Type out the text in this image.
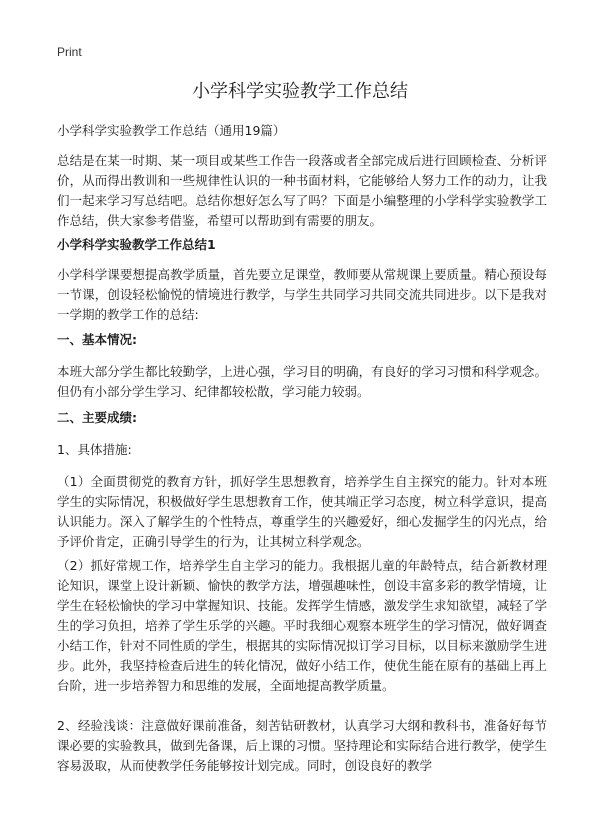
Print
小学科学实验教学工作总结

小学科学实验教学工作总结（通用19篇）

总结是在某一时期、某一项目或某些工作告一段落或者全部完成后进行回顾检查、分析评价，从而得出教训和一些规律性认识的一种书面材料，它能够给人努力工作的动力，让我们一起来学习写总结吧。总结你想好怎么写了吗？下面是小编整理的小学科学实验教学工作总结，供大家参考借鉴，希望可以帮助到有需要的朋友。

小学科学实验教学工作总结1

小学科学课要想提高教学质量，首先要立足课堂，教师要从常规课上要质量。精心预设每一节课，创设轻松愉悦的情境进行教学，与学生共同学习共同交流共同进步。以下是我对一学期的教学工作的总结:

一、基本情况:

本班大部分学生都比较勤学，上进心强，学习目的明确，有良好的学习习惯和科学观念。但仍有小部分学生学习、纪律都较松散，学习能力较弱。

二、主要成绩:

1、具体措施:

（1）全面贯彻党的教育方针，抓好学生思想教育，培养学生自主探究的能力。针对本班学生的实际情况，积极做好学生思想教育工作，使其端正学习态度，树立科学意识，提高认识能力。深入了解学生的个性特点，尊重学生的兴趣爱好，细心发掘学生的闪光点，给予评价肯定，正确引导学生的行为，让其树立科学观念。

（2）抓好常规工作，培养学生自主学习的能力。我根据儿童的年龄特点，结合新教材理论知识，课堂上设计新颖、愉快的教学方法，增强趣味性，创设丰富多彩的教学情境，让学生在轻松愉快的学习中掌握知识、技能。发挥学生情感，激发学生求知欲望，减轻了学生的学习负担，培养了学生乐学的兴趣。平时我细心观察本班学生的学习情况，做好调查小结工作，针对不同性质的学生，根据其的实际情况拟订学习目标，以目标来激励学生进步。此外，我坚持检查后进生的转化情况，做好小结工作，使优生能在原有的基础上再上台阶，进一步培养智力和思维的发展，全面地提高教学质量。

2、经验浅谈：注意做好课前准备，刻苦钻研教材，认真学习大纲和教科书，准备好每节课必要的实验教具，做到先备课，后上课的习惯。坚持理论和实际结合进行教学，使学生容易汲取，从而使教学任务能够按计划完成。同时，创设良好的教学
